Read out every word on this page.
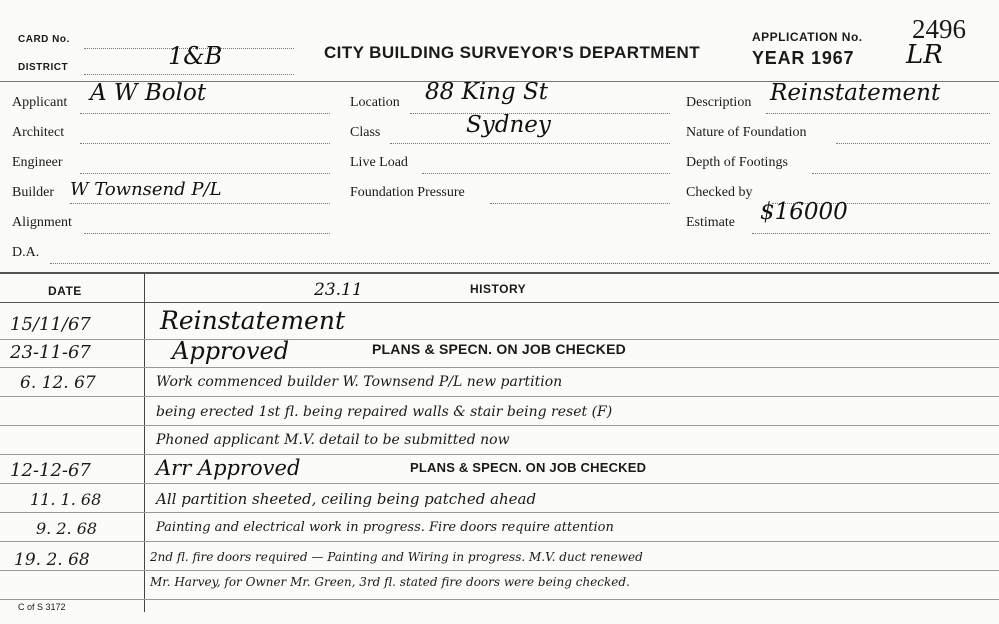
CARD No.
DISTRICT	1&B	CITY BUILDING SURVEYOR'S DEPARTMENT
APPLICATION No. 2496
YEAR 1967 LR
Applicant A W Bolot
Architect
Engineer
Builder W Townsend P/L
Alignment
D.A.
Location 88 King St
Class	Sydney
Live Load
Foundation Pressure
Description Reinstatement
Nature of Foundation
Depth of Footings
Checked by
Estimate $16000
DATE	HISTORY
23.11
15/11/67	Reinstatement
23-11-67	Approved	PLANS & SPECN. ON JOB CHECKED
6. 12. 67	Work commenced builder W. Townsend P/L new partition
being erected 1st fl. being repaired walls & stair being reset (F)
Phoned applicant M.V. detail to be submitted now
12-12-67	Arr Approved	PLANS & SPECN. ON JOB CHECKED
11. 1. 68	All partition sheeted, ceiling being patched ahead
9. 2. 68	Painting and electrical work in progress. Fire doors require attention
19. 2. 68	2nd fl. fire doors required — Painting and Wiring in progress. M.V. duct renewed
Mr. Harvey, for Owner Mr. Green, 3rd fl. stated fire doors were being checked.
C of S 3172
